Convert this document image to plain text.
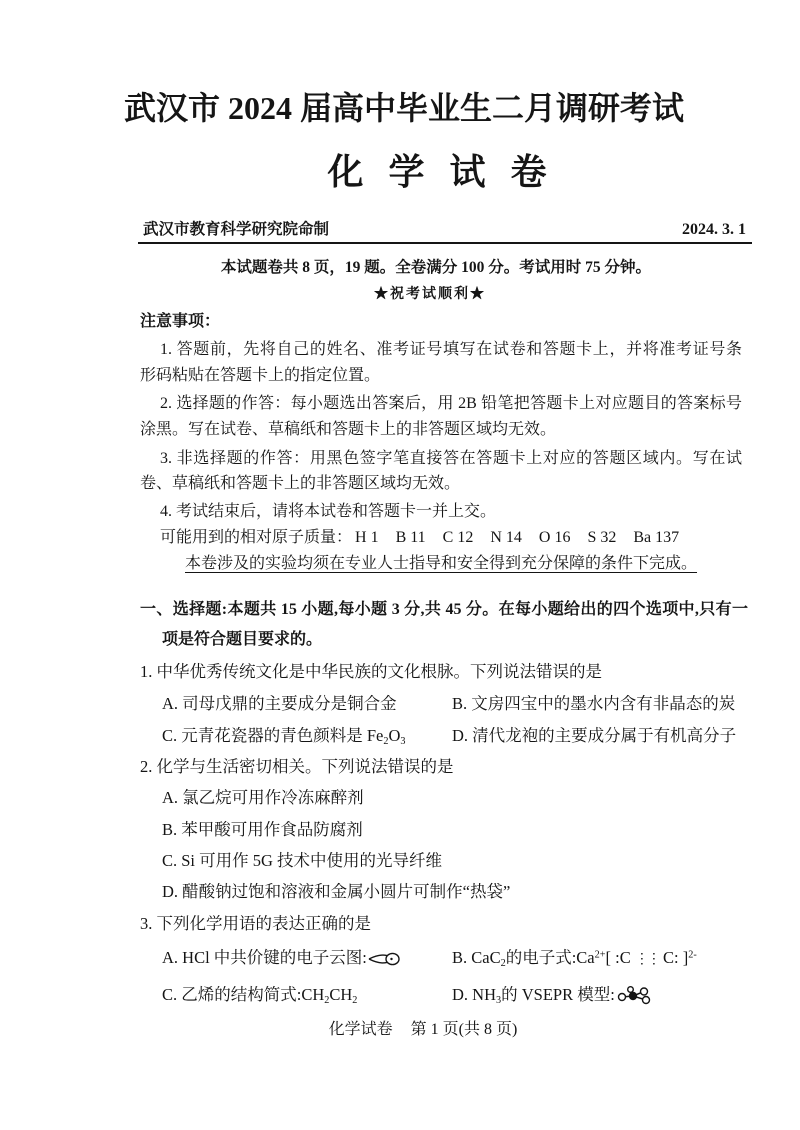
武汉市 2024 届高中毕业生二月调研考试
化 学 试 卷
武汉市教育科学研究院命制	2024. 3. 1
本试题卷共 8 页，19 题。全卷满分 100 分。考试用时 75 分钟。
★祝考试顺利★
注意事项：
1. 答题前，先将自己的姓名、准考证号填写在试卷和答题卡上，并将准考证号条
形码粘贴在答题卡上的指定位置。
2. 选择题的作答：每小题选出答案后，用 2B 铅笔把答题卡上对应题目的答案标号
涂黑。写在试卷、草稿纸和答题卡上的非答题区域均无效。
3. 非选择题的作答：用黑色签字笔直接答在答题卡上对应的答题区域内。写在试
卷、草稿纸和答题卡上的非答题区域均无效。
4. 考试结束后，请将本试卷和答题卡一并上交。
可能用到的相对原子质量： H 1 B 11 C 12 N 14 O 16 S 32 Ba 137
本卷涉及的实验均须在专业人士指导和安全得到充分保障的条件下完成。
一、选择题:本题共 15 小题,每小题 3 分,共 45 分。在每小题给出的四个选项中,只有一
项是符合题目要求的。
1. 中华优秀传统文化是中华民族的文化根脉。下列说法错误的是
A. 司母戊鼎的主要成分是铜合金	B. 文房四宝中的墨水内含有非晶态的炭
C. 元青花瓷器的青色颜料是 $Fe_2O_3$	D. 清代龙袍的主要成分属于有机高分子
2. 化学与生活密切相关。下列说法错误的是
A. 氯乙烷可用作冷冻麻醉剂
B. 苯甲酸可用作食品防腐剂
C. Si 可用作 5G 技术中使用的光导纤维
D. 醋酸钠过饱和溶液和金属小圆片可制作“热袋”
3. 下列化学用语的表达正确的是
A. HCl 中共价键的电子云图:	B. CaC$_2$的电子式$:Ca^{2+}$[ :C ⋮⋮ C: ]$^{2-}$
C. 乙烯的结构简式$:CH_2CH_2$	D. $NH_3$的 VSEPR 模型:
化学试卷 第 1 页(共 8 页)
